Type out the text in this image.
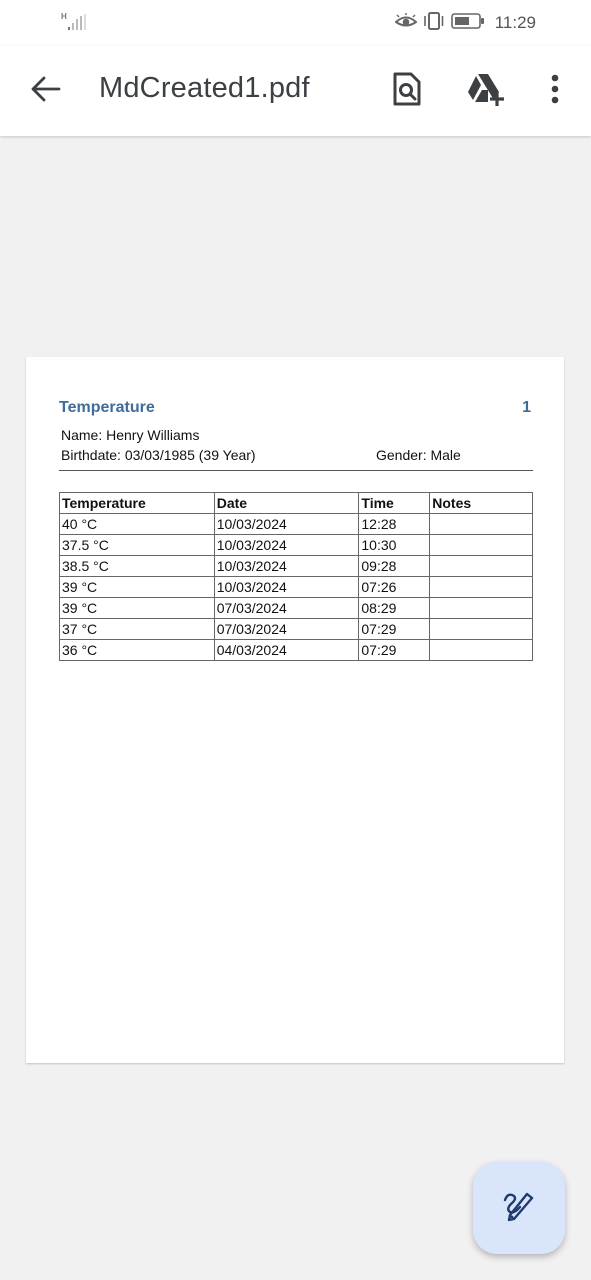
H	11:29
MdCreated1.pdf
Temperature	1
Name: Henry Williams
Birthdate: 03/03/1985 (39 Year)	Gender: Male
Temperature	Date	Time	Notes
40 °C	10/03/2024	12:28	
37.5 °C	10/03/2024	10:30	
38.5 °C	10/03/2024	09:28	
39 °C	10/03/2024	07:26	
39 °C	07/03/2024	08:29	
37 °C	07/03/2024	07:29	
36 °C	04/03/2024	07:29	
